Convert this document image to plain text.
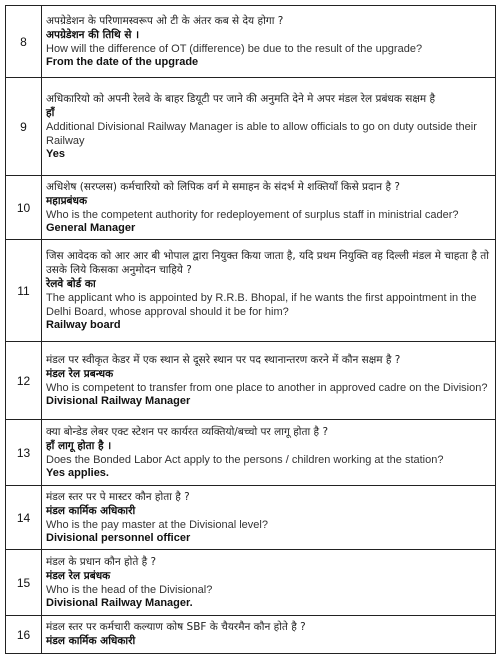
8	अपग्रेडेशन के परिणामस्वरूप ओ टी के अंतर कब से देय होगा ?
अपग्रेडेशन की तिथि से ।
How will the difference of OT (difference) be due to the result of the upgrade?
From the date of the upgrade

9	अधिकारियो को अपनी रेलवे के बाहर डियूटी पर जाने की अनुमति देने मे अपर मंडल रेल प्रबंधक सक्षम है
हाँ
Additional Divisional Railway Manager is able to allow officials to go on duty outside their Railway
Yes

10	अधिशेष (सरप्लस) कर्मचारियो को लिपिक वर्ग मे समाहन के संदर्भ मे शक्तियाँ किसे प्रदान है ?
महाप्रबंधक
Who is the competent authority for redeployement of surplus staff in ministrial cader?
General Manager

11	जिस आवेदक को आर आर बी भोपाल द्वारा नियुक्त किया जाता है, यदि प्रथम नियुक्ति वह दिल्ली मंडल मे चाहता है तो उसके लिये किसका अनुमोदन चाहिये ?
रेलवे बोर्ड का
The applicant who is appointed by R.R.B. Bhopal, if he wants the first appointment in the Delhi Board, whose approval should it be for him?
Railway board

12	मंडल पर स्वीकृत केडर में एक स्थान से दूसरे स्थान पर पद स्थानान्तरण करने में कौन सक्षम है ?
मंडल रेल प्रबन्धक
Who is competent to transfer from one place to another in approved cadre on the Division?
Divisional Railway Manager

13	क्या बोन्डेड लेबर एक्ट स्टेशन पर कार्यरत व्यक्तियो/बच्चो पर लागू होता है ?
हाँ लागू होता है ।
Does the Bonded Labor Act apply to the persons / children working at the station?
Yes applies.

14	मंडल स्तर पर पे मास्टर कौन होता है ?
मंडल कार्मिक अधिकारी
Who is the pay master at the Divisional level?
Divisional personnel officer

15	मंडल के प्रधान कौन होते है ?
मंडल रेल प्रबंधक
Who is the head of the Divisional?
Divisional Railway Manager.

16	मंडल स्तर पर कर्मचारी कल्याण कोष SBF के चैयरमैन कौन होते है ?
मंडल कार्मिक अधिकारी
